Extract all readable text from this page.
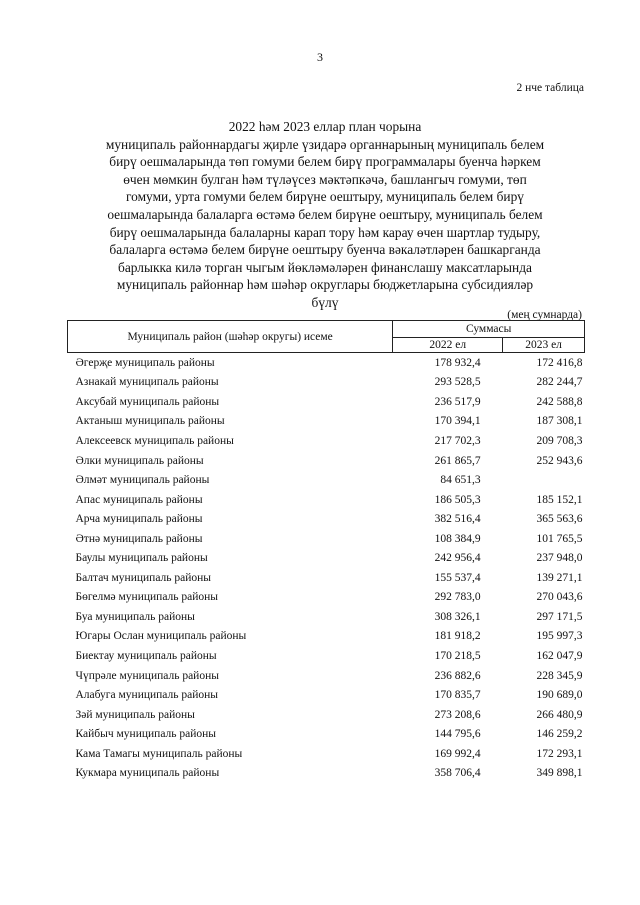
3
2 нче таблица
2022 һәм 2023 еллар план чорына
муниципаль районнардагы җирле үзидарә органнарының муниципаль белем
бирү оешмаларында төп гомуми белем бирү программалары буенча һәркем
өчен мөмкин булган һәм түләүсез мәктәпкәчә, башлангыч гомуми, төп
гомуми, урта гомуми белем бирүне оештыру, муниципаль белем бирү
оешмаларында балаларга өстәмә белем бирүне оештыру, муниципаль белем
бирү оешмаларында балаларны карап тору һәм карау өчен шартлар тудыру,
балаларга өстәмә белем бирүне оештыру буенча вәкаләтләрен башкарганда
барлыкка килә торган чыгым йөкләмәләрен финанслашу максатларында
муниципаль районнар һәм шәһәр округлары бюджетларына субсидияләр
бүлү
(мең сумнарда)
Муниципаль район (шәһәр округы) исеме	Суммасы	
	2022 ел	2023 ел
Әгерҗе муниципаль районы	178 932,4	172 416,8
Азнакай муниципаль районы	293 528,5	282 244,7
Аксубай муниципаль районы	236 517,9	242 588,8
Актаныш муниципаль районы	170 394,1	187 308,1
Алексеевск муниципаль районы	217 702,3	209 708,3
Әлки муниципаль районы	261 865,7	252 943,6
Әлмәт муниципаль районы	84 651,3	
Апас муниципаль районы	186 505,3	185 152,1
Арча муниципаль районы	382 516,4	365 563,6
Әтнә муниципаль районы	108 384,9	101 765,5
Баулы муниципаль районы	242 956,4	237 948,0
Балтач муниципаль районы	155 537,4	139 271,1
Бөгелмә муниципаль районы	292 783,0	270 043,6
Буа муниципаль районы	308 326,1	297 171,5
Югары Ослан муниципаль районы	181 918,2	195 997,3
Биектау муниципаль районы	170 218,5	162 047,9
Чүпрәле муниципаль районы	236 882,6	228 345,9
Алабуга муниципаль районы	170 835,7	190 689,0
Зәй муниципаль районы	273 208,6	266 480,9
Кайбыч муниципаль районы	144 795,6	146 259,2
Кама Тамагы муниципаль районы	169 992,4	172 293,1
Кукмара муниципаль районы	358 706,4	349 898,1
